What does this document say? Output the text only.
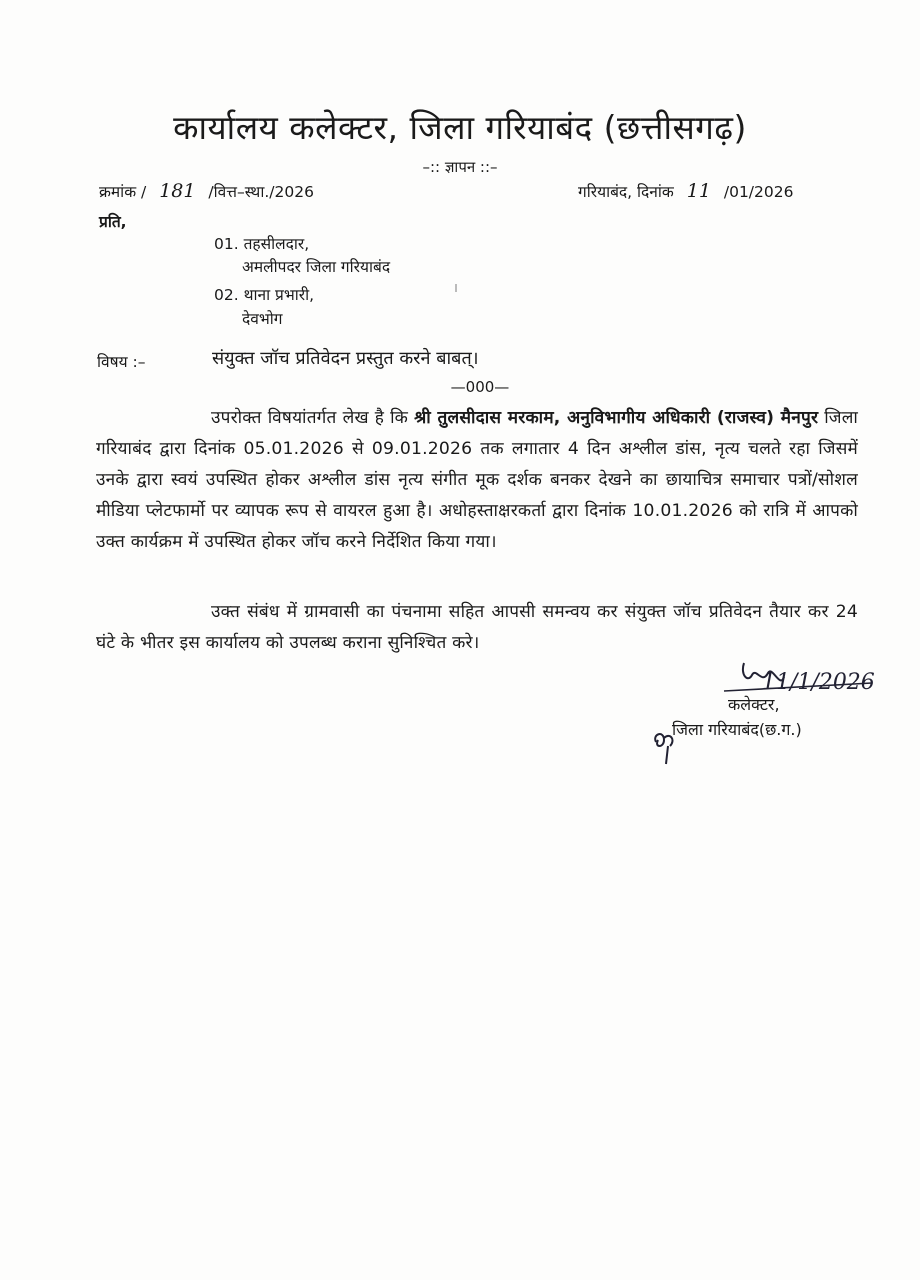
कार्यालय कलेक्टर, जिला गरियाबंद (छत्तीसगढ़)
–:: ज्ञापन ::–
क्रमांक / 181 /वित्त–स्था./2026	गरियाबंद, दिनांक 11 /01/2026
प्रति,
01. तहसीलदार,
अमलीपदर जिला गरियाबंद
02. थाना प्रभारी,
देवभोग
विषय :–	संयुक्त जॉच प्रतिवेदन प्रस्तुत करने बाबत्।
—000—
उपरोक्त विषयांतर्गत लेख है कि श्री तुलसीदास मरकाम, अनुविभागीय अधिकारी (राजस्व) मैनपुर जिला गरियाबंद द्वारा दिनांक 05.01.2026 से 09.01.2026 तक लगातार 4 दिन अश्लील डांस, नृत्य चलते रहा जिसमें उनके द्वारा स्वयं उपस्थित होकर अश्लील डांस नृत्य संगीत मूक दर्शक बनकर देखने का छायाचित्र समाचार पत्रों/सोशल मीडिया प्लेटफार्मो पर व्यापक रूप से वायरल हुआ है। अधोहस्ताक्षरकर्ता द्वारा दिनांक 10.01.2026 को रात्रि में आपको उक्त कार्यक्रम में उपस्थित होकर जॉच करने निर्देशित किया गया।
उक्त संबंध में ग्रामवासी का पंचनामा सहित आपसी समन्वय कर संयुक्त जॉच प्रतिवेदन तैयार कर 24 घंटे के भीतर इस कार्यालय को उपलब्ध कराना सुनिश्चित करे।
11/1/2026
कलेक्टर,
जिला गरियाबंद(छ.ग.)
